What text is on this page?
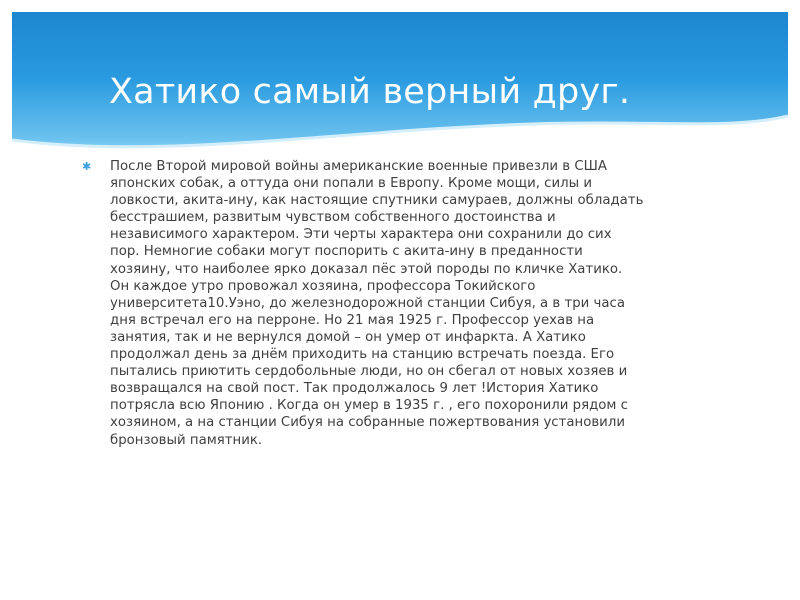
Хатико самый верный друг.
✱	После Второй мировой войны американские военные привезли в США
японских собак, а оттуда они попали в Европу. Кроме мощи, силы и
ловкости, акита-ину, как настоящие спутники самураев, должны обладать
бесстрашием, развитым чувством собственного достоинства и
независимого характером. Эти черты характера они сохранили до сих
пор. Немногие собаки могут поспорить с акита-ину в преданности
хозяину, что наиболее ярко доказал пёс этой породы по кличке Хатико.
Он каждое утро провожал хозяина, профессора Токийского
университета10.Уэно, до железнодорожной станции Сибуя, а в три часа
дня встречал его на перроне. Но 21 мая 1925 г. Профессор уехав на
занятия, так и не вернулся домой – он умер от инфаркта. А Хатико
продолжал день за днём приходить на станцию встречать поезда. Его
пытались приютить сердобольные люди, но он сбегал от новых хозяев и
возвращался на свой пост. Так продолжалось 9 лет !История Хатико
потрясла всю Японию . Когда он умер в 1935 г. , его похоронили рядом с
хозяином, а на станции Сибуя на собранные пожертвования установили
бронзовый памятник.
